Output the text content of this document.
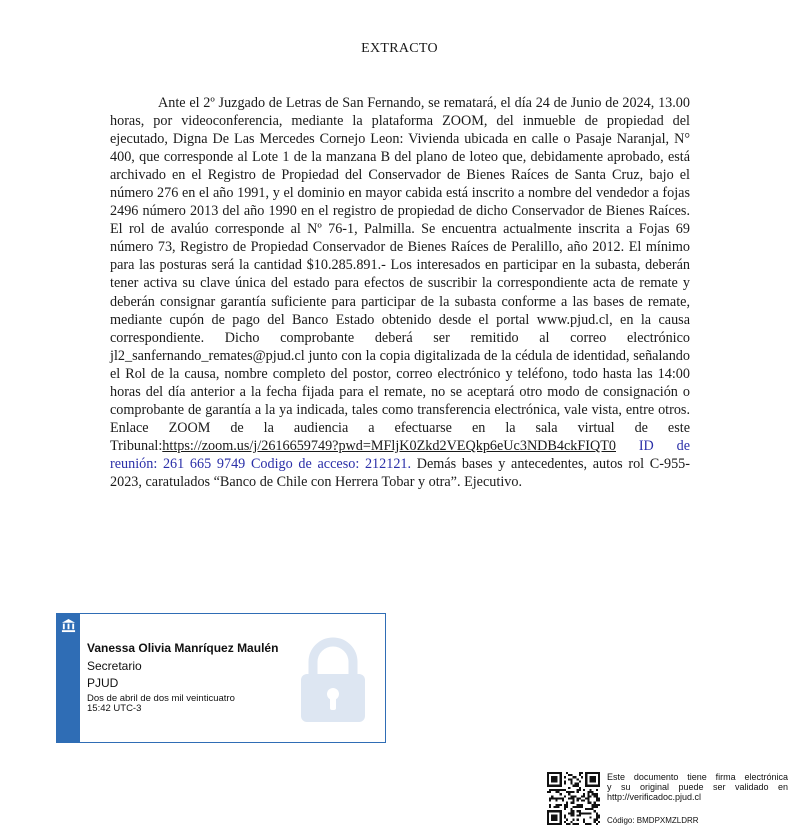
EXTRACTO

Ante el 2º Juzgado de Letras de San Fernando, se rematará, el día 24 de Junio de 2024, 13.00 horas, por videoconferencia, mediante la plataforma ZOOM, del inmueble de propiedad del ejecutado, Digna De Las Mercedes Cornejo Leon: Vivienda ubicada en calle o Pasaje Naranjal, N° 400, que corresponde al Lote 1 de la manzana B del plano de loteo que, debidamente aprobado, está archivado en el Registro de Propiedad del Conservador de Bienes Raíces de Santa Cruz, bajo el número 276 en el año 1991, y el dominio en mayor cabida está inscrito a nombre del vendedor a fojas 2496 número 2013 del año 1990 en el registro de propiedad de dicho Conservador de Bienes Raíces. El rol de avalúo corresponde al Nº 76-1, Palmilla. Se encuentra actualmente inscrita a Fojas 69 número 73, Registro de Propiedad Conservador de Bienes Raíces de Peralillo, año 2012. El mínimo para las posturas será la cantidad $10.285.891.- Los interesados en participar en la subasta, deberán tener activa su clave única del estado para efectos de suscribir la correspondiente acta de remate y deberán consignar garantía suficiente para participar de la subasta conforme a las bases de remate, mediante cupón de pago del Banco Estado obtenido desde el portal www.pjud.cl, en la causa correspondiente. Dicho comprobante deberá ser remitido al correo electrónico jl2_sanfernando_remates@pjud.cl junto con la copia digitalizada de la cédula de identidad, señalando el Rol de la causa, nombre completo del postor, correo electrónico y teléfono, todo hasta las 14:00 horas del día anterior a la fecha fijada para el remate, no se aceptará otro modo de consignación o comprobante de garantía a la ya indicada, tales como transferencia electrónica, vale vista, entre otros. Enlace ZOOM de la audiencia a efectuarse en la sala virtual de este Tribunal:https://zoom.us/j/2616659749?pwd=MFljK0Zkd2VEQkp6eUc3NDB4ckFIQT0 ID de reunión: 261 665 9749 Codigo de acceso: 212121. Demás bases y antecedentes, autos rol C-955-2023, caratulados “Banco de Chile con Herrera Tobar y otra”. Ejecutivo.

Vanessa Olivia Manríquez Maulén
Secretario
PJUD
Dos de abril de dos mil veinticuatro
15:42 UTC-3
Este documento tiene firma electrónica
y su original puede ser validado en
http://verificadoc.pjud.cl
Código: BMDPXMZLDRR
